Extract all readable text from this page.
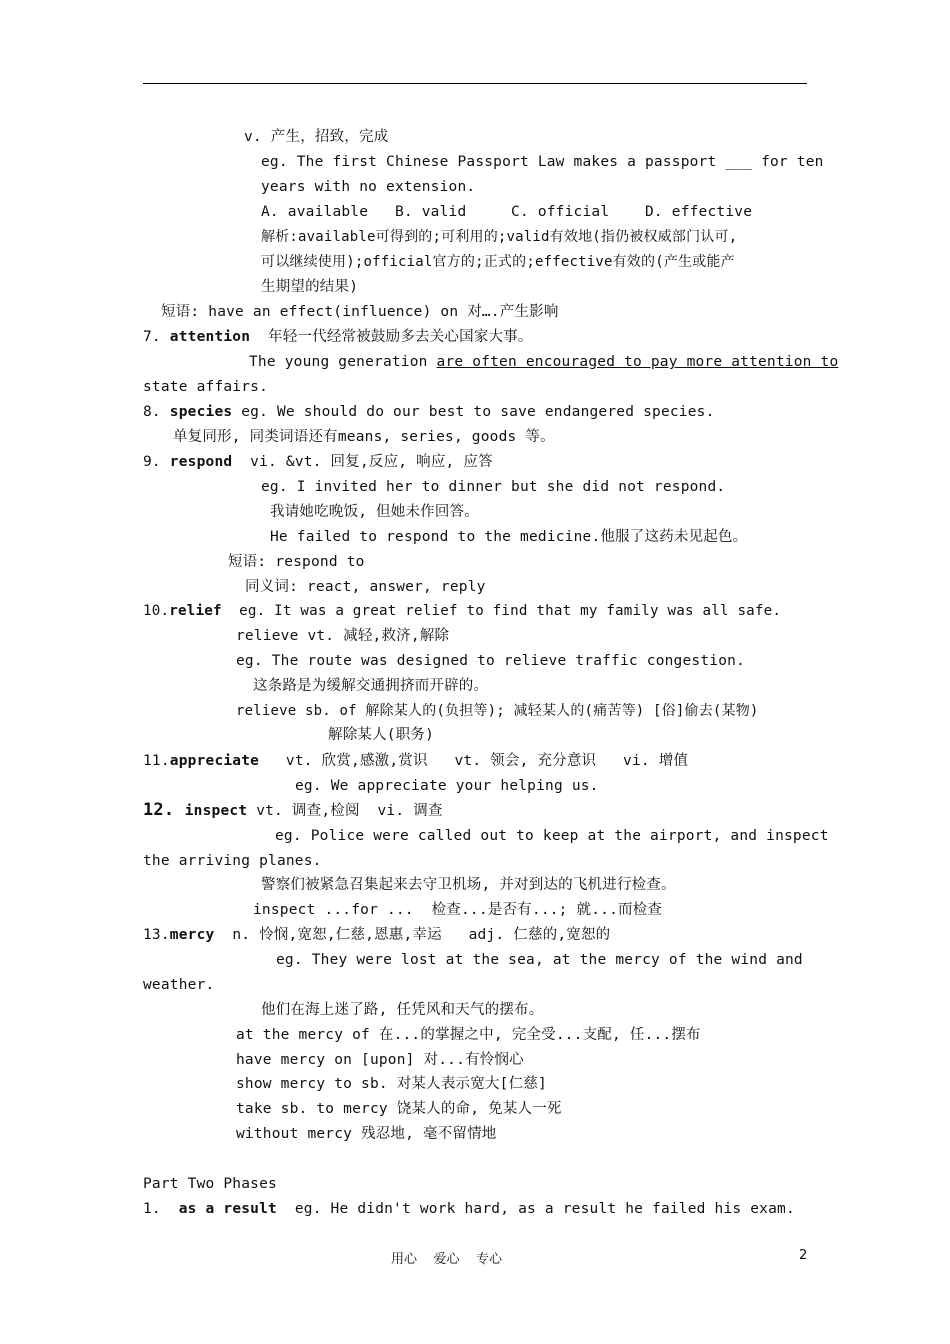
v. 产生，招致，完成
eg. The first Chinese Passport Law makes a passport ___ for ten
years with no extension.
A. available   B. valid     C. official    D. effective
解析:available可得到的;可利用的;valid有效地(指仍被权威部门认可,
可以继续使用);official官方的;正式的;effective有效的(产生或能产
生期望的结果)
短语: have an effect(influence) on 对….产生影响
7. attention  年轻一代经常被鼓励多去关心国家大事。
The young generation are often encouraged to pay more attention to
state affairs.
8. species eg. We should do our best to save endangered species.
单复同形, 同类词语还有means, series, goods 等。
9. respond  vi. &vt. 回复,反应, 响应, 应答
eg. I invited her to dinner but she did not respond.
我请她吃晚饭, 但她未作回答。
He failed to respond to the medicine.他服了这药未见起色。
短语: respond to
同义词: react, answer, reply
10.relief  eg. It was a great relief to find that my family was all safe.
relieve vt. 减轻,救济,解除
eg. The route was designed to relieve traffic congestion.
这条路是为缓解交通拥挤而开辟的。
relieve sb. of 解除某人的(负担等); 减轻某人的(痛苦等) [俗]偷去(某物)
解除某人(职务)
11.appreciate   vt. 欣赏,感激,赏识   vt. 领会, 充分意识   vi. 增值
eg. We appreciate your helping us.
12. inspect vt. 调查,检阅  vi. 调查
eg. Police were called out to keep at the airport, and inspect
the arriving planes.
警察们被紧急召集起来去守卫机场, 并对到达的飞机进行检查。
inspect ...for ...  检查...是否有...; 就...而检查
13.mercy  n. 怜悯,宽恕,仁慈,恩惠,幸运   adj. 仁慈的,宽恕的
eg. They were lost at the sea, at the mercy of the wind and
weather.
他们在海上迷了路, 任凭风和天气的摆布。
at the mercy of 在...的掌握之中, 完全受...支配, 任...摆布
have mercy on [upon] 对...有怜悯心
show mercy to sb. 对某人表示宽大[仁慈]
take sb. to mercy 饶某人的命, 免某人一死
without mercy 残忍地, 毫不留情地
Part Two Phases
1.  as a result  eg. He didn't work hard, as a result he failed his exam.
用心    爱心    专心	2
